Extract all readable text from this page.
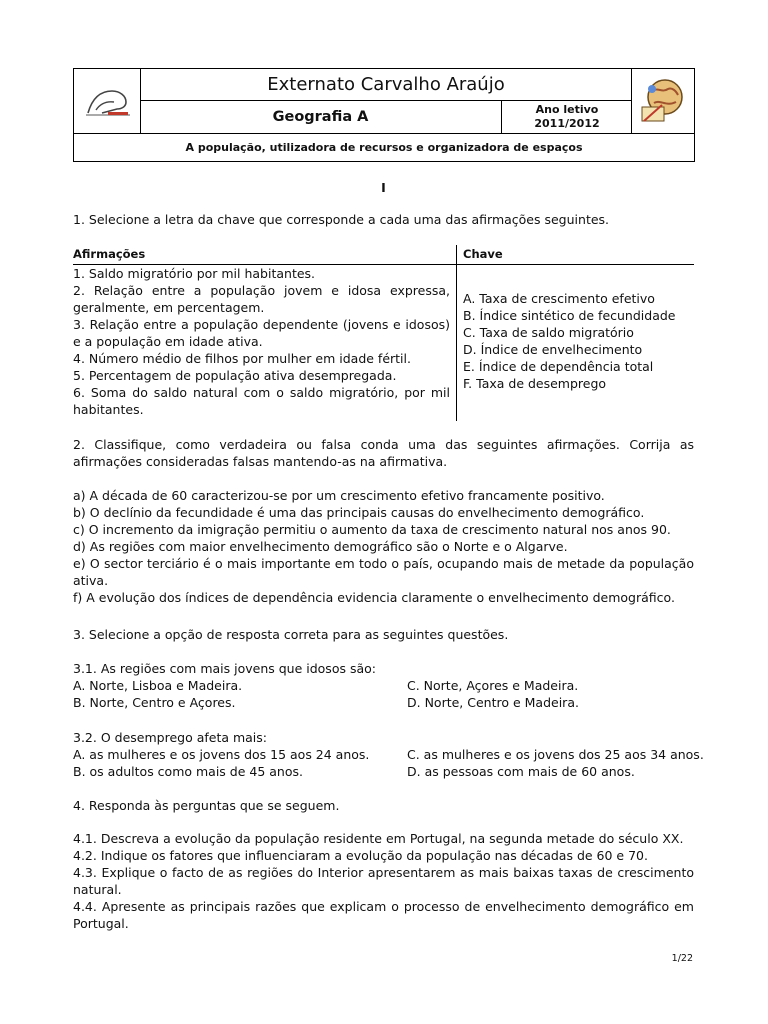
Externato Carvalho Araújo
Geografia A	Ano letivo
2011/2012
A população, utilizadora de recursos e organizadora de espaços
I
1. Selecione a letra da chave que corresponde a cada uma das afirmações seguintes.
Afirmações	Chave
1. Saldo migratório por mil habitantes.
2. Relação entre a população jovem e idosa expressa, geralmente, em percentagem.
3. Relação entre a população dependente (jovens e idosos) e a população em idade ativa.
4. Número médio de filhos por mulher em idade fértil.
5. Percentagem de população ativa desempregada.
6. Soma do saldo natural com o saldo migratório, por mil habitantes.
A. Taxa de crescimento efetivo
B. Índice sintético de fecundidade
C. Taxa de saldo migratório
D. Índice de envelhecimento
E. Índice de dependência total
F. Taxa de desemprego
2. Classifique, como verdadeira ou falsa conda uma das seguintes afirmações. Corrija as afirmações consideradas falsas mantendo-as na afirmativa.
a) A década de 60 caracterizou-se por um crescimento efetivo francamente positivo.
b) O declínio da fecundidade é uma das principais causas do envelhecimento demográfico.
c) O incremento da imigração permitiu o aumento da taxa de crescimento natural nos anos 90.
d) As regiões com maior envelhecimento demográfico são o Norte e o Algarve.
e) O sector terciário é o mais importante em todo o país, ocupando mais de metade da população ativa.
f) A evolução dos índices de dependência evidencia claramente o envelhecimento demográfico.
3. Selecione a opção de resposta correta para as seguintes questões.
3.1. As regiões com mais jovens que idosos são:
A. Norte, Lisboa e Madeira.	C. Norte, Açores e Madeira.
B. Norte, Centro e Açores.	D. Norte, Centro e Madeira.
3.2. O desemprego afeta mais:
A. as mulheres e os jovens dos 15 aos 24 anos.	C. as mulheres e os jovens dos 25 aos 34 anos.
B. os adultos como mais de 45 anos.	D. as pessoas com mais de 60 anos.
4. Responda às perguntas que se seguem.
4.1. Descreva a evolução da população residente em Portugal, na segunda metade do século XX.
4.2. Indique os fatores que influenciaram a evolução da população nas décadas de 60 e 70.
4.3. Explique o facto de as regiões do Interior apresentarem as mais baixas taxas de crescimento natural.
4.4. Apresente as principais razões que explicam o processo de envelhecimento demográfico em Portugal.
1/22
